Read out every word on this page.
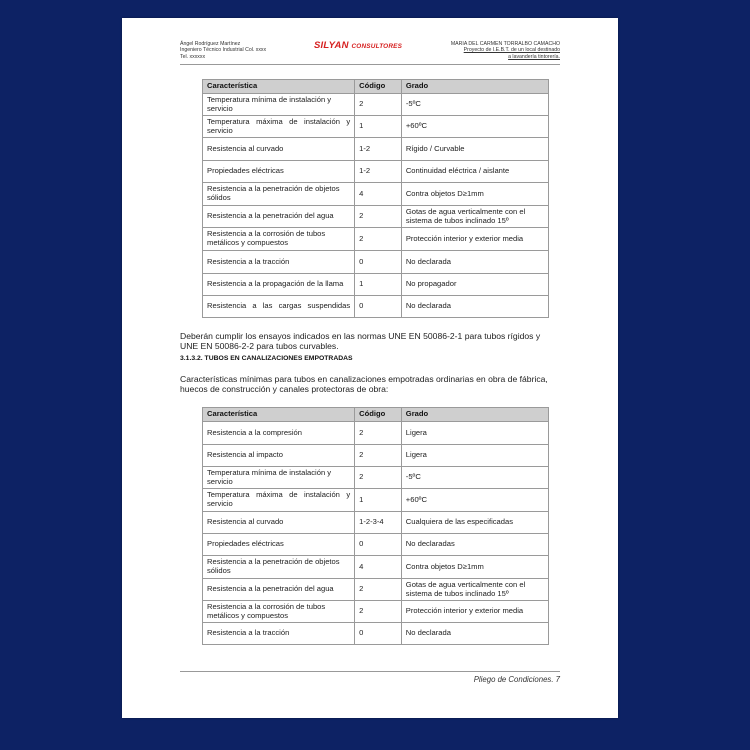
Ángel Rodríguez Martínez
Ingeniero Técnico Industrial Col. xxxx
Tel. xxxxxx
SILYAN CONSULTORES	MARIA DEL CARMEN TORRALBO CAMACHO
Proyecto de I.E.B.T. de un local destinado
a lavandería tintorería.
Característica	Código	Grado
Temperatura mínima de instalación y servicio	2	-5ºC
Temperatura máxima de instalación y servicio	1	+60ºC
Resistencia al curvado	1-2	Rígido / Curvable
Propiedades eléctricas	1-2	Continuidad eléctrica / aislante
Resistencia a la penetración de objetos sólidos	4	Contra objetos D≥1mm
Resistencia a la penetración del agua	2	Gotas de agua verticalmente con el sistema de tubos inclinado 15º
Resistencia a la corrosión de tubos metálicos y compuestos	2	Protección interior y exterior media
Resistencia a la tracción	0	No declarada
Resistencia a la propagación de la llama	1	No propagador
Resistencia a las cargas suspendidas	0	No declarada
Deberán cumplir los ensayos indicados en las normas UNE EN 50086-2-1 para tubos rígidos y UNE EN 50086-2-2 para tubos curvables.
3.1.3.2. TUBOS EN CANALIZACIONES EMPOTRADAS
Características mínimas para tubos en canalizaciones empotradas ordinarias en obra de fábrica, huecos de construcción y canales protectoras de obra:
Característica	Código	Grado
Resistencia a la compresión	2	Ligera
Resistencia al impacto	2	Ligera
Temperatura mínima de instalación y servicio	2	-5ºC
Temperatura máxima de instalación y servicio	1	+60ºC
Resistencia al curvado	1-2-3-4	Cualquiera de las especificadas
Propiedades eléctricas	0	No declaradas
Resistencia a la penetración de objetos sólidos	4	Contra objetos D≥1mm
Resistencia a la penetración del agua	2	Gotas de agua verticalmente con el sistema de tubos inclinado 15º
Resistencia a la corrosión de tubos metálicos y compuestos	2	Protección interior y exterior media
Resistencia a la tracción	0	No declarada
Pliego de Condiciones. 7
